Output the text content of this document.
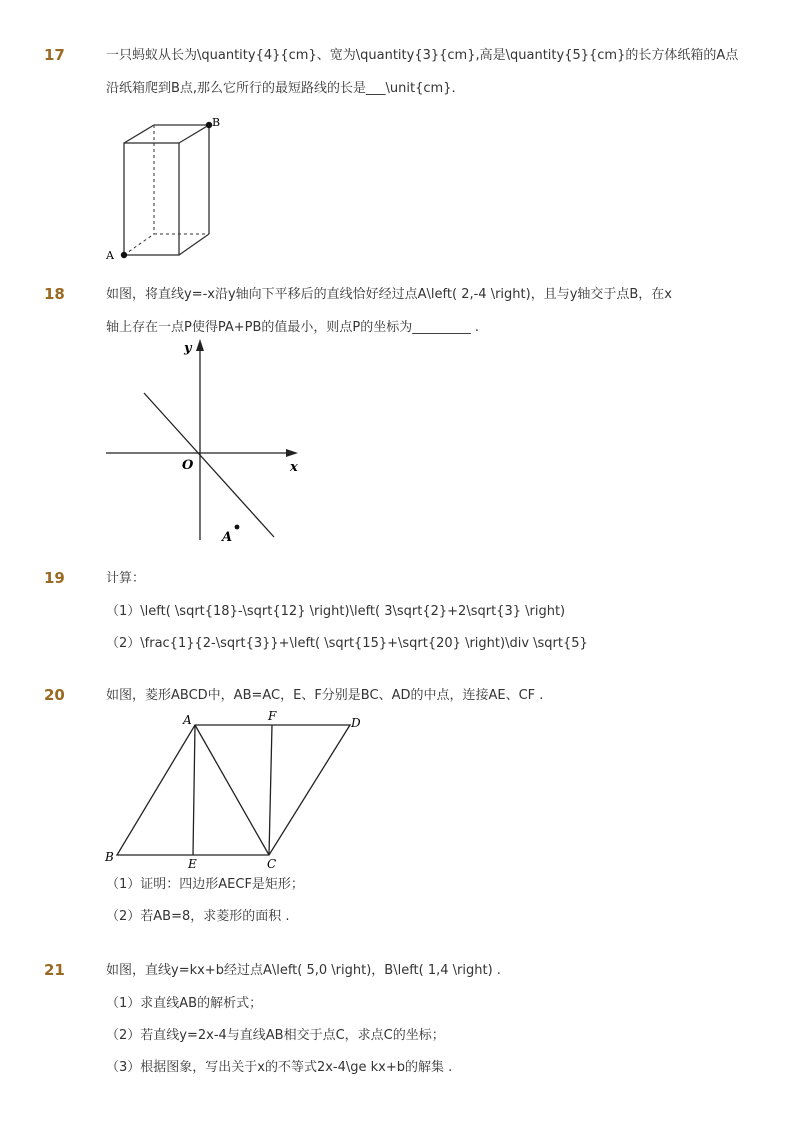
17	一只蚂蚁从长为\quantity{4}{cm}、宽为\quantity{3}{cm},高是\quantity{5}{cm}的长方体纸箱的A点
沿纸箱爬到B点,那么它所行的最短路线的长是___\unit{cm}.
A
B
18	如图，将直线y=-x沿y轴向下平移后的直线恰好经过点A\left( 2,-4 \right)，且与y轴交于点B，在x
轴上存在一点P使得PA+PB的值最小，则点P的坐标为_________ .
y
x
O
A
19	计算：
（1）\left( \sqrt{18}-\sqrt{12} \right)\left( 3\sqrt{2}+2\sqrt{3} \right)
（2）\frac{1}{2-\sqrt{3}}+\left( \sqrt{15}+\sqrt{20} \right)\div \sqrt{5}
20	如图，菱形ABCD中，AB=AC，E、F分别是BC、AD的中点，连接AE、CF .
A	F	D
B	E	C
（1）证明：四边形AECF是矩形；
（2）若AB=8，求菱形的面积 .
21	如图，直线y=kx+b经过点A\left( 5,0 \right)，B\left( 1,4 \right) .
（1）求直线AB的解析式；
（2）若直线y=2x-4与直线AB相交于点C，求点C的坐标；
（3）根据图象，写出关于x的不等式2x-4\ge kx+b的解集 .
